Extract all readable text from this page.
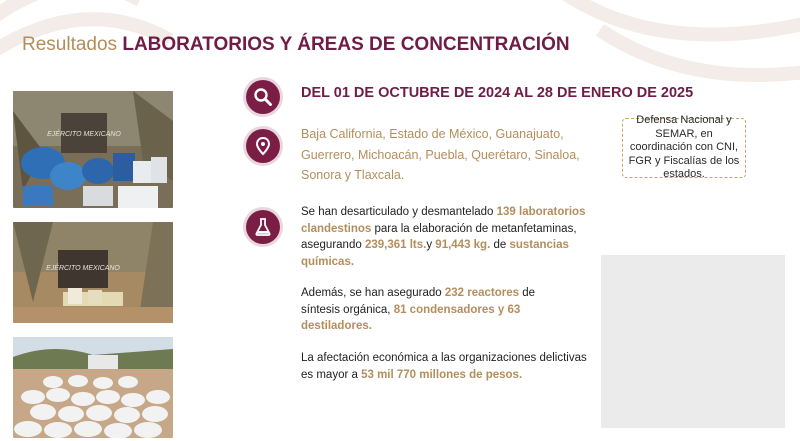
Resultados LABORATORIOS Y ÁREAS DE CONCENTRACIÓN
EJÉRCITO MEXICANO
EJÉRCITO MEXICANO
DEL 01 DE OCTUBRE DE 2024 AL 28 DE ENERO DE 2025
Baja California, Estado de México, Guanajuato, Guerrero, Michoacán, Puebla, Querétaro, Sinaloa, Sonora y Tlaxcala.
Defensa Nacional y SEMAR, en coordinación con CNI, FGR y Fiscalías de los estados.
Se han desarticulado y desmantelado 139 laboratorios clandestinos para la elaboración de metanfetaminas, asegurando 239,361 lts.y 91,443 kg. de sustancias químicas.
Además, se han asegurado 232 reactores de síntesis orgánica, 81 condensadores y 63 destiladores.
La afectación económica a las organizaciones delictivas es mayor a 53 mil 770 millones de pesos.
